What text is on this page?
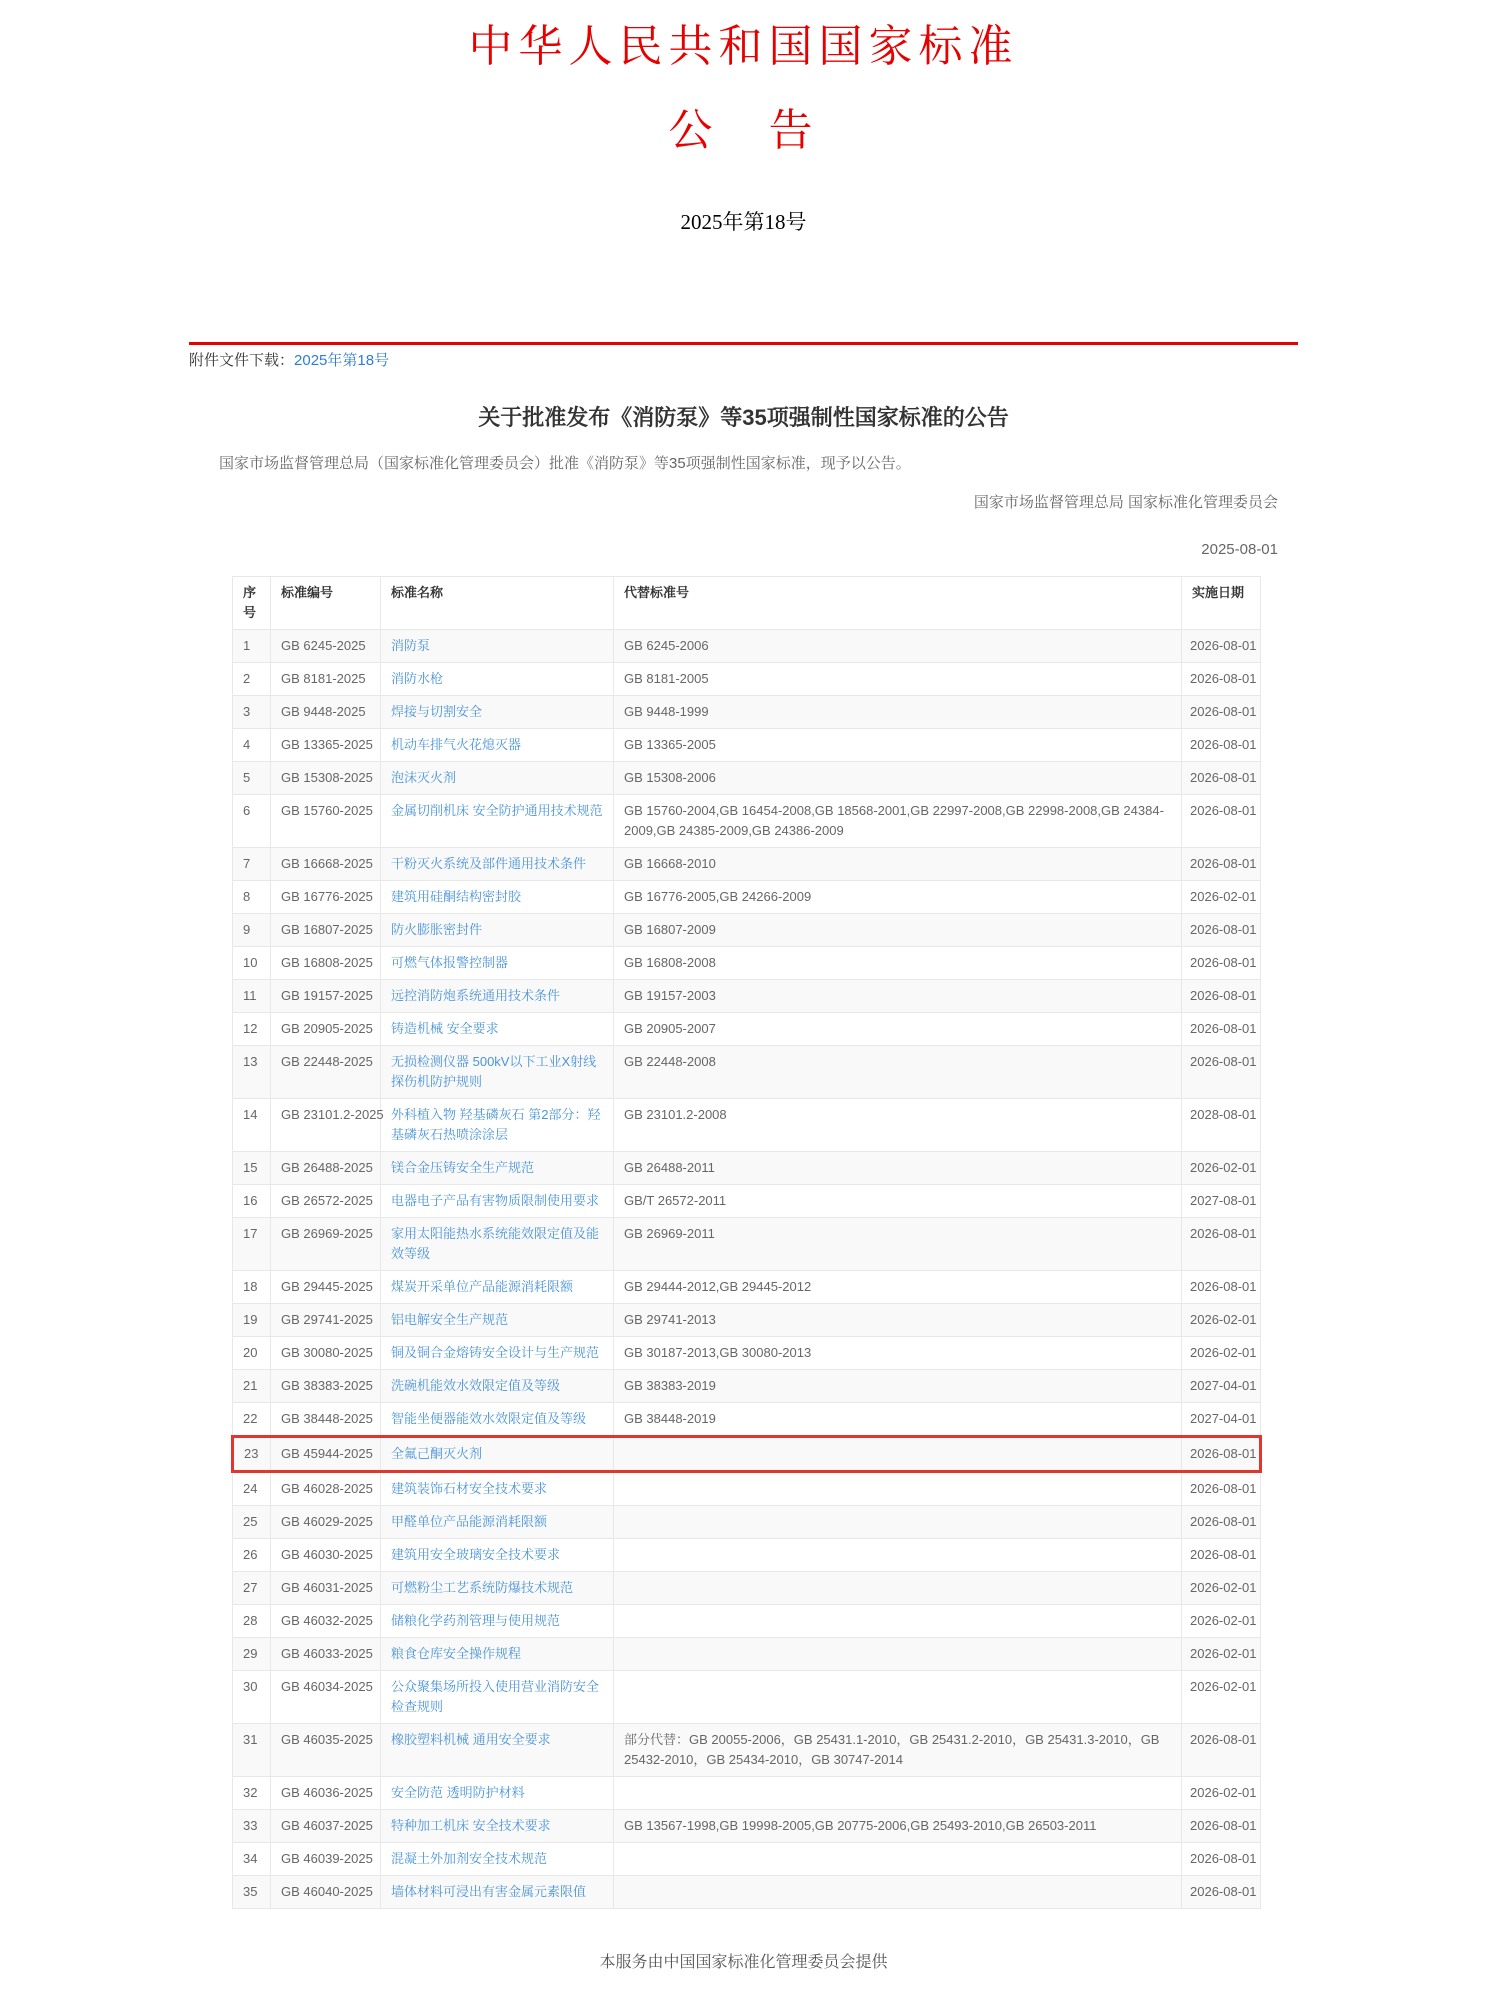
中华人民共和国国家标准
公　告
2025年第18号
附件文件下载：2025年第18号
关于批准发布《消防泵》等35项强制性国家标准的公告
国家市场监督管理总局（国家标准化管理委员会）批准《消防泵》等35项强制性国家标准，现予以公告。
国家市场监督管理总局 国家标准化管理委员会
2025-08-01
序号	标准编号	标准名称	代替标准号	实施日期
1	GB 6245-2025	消防泵	GB 6245-2006	2026-08-01
2	GB 8181-2025	消防水枪	GB 8181-2005	2026-08-01
3	GB 9448-2025	焊接与切割安全	GB 9448-1999	2026-08-01
4	GB 13365-2025	机动车排气火花熄灭器	GB 13365-2005	2026-08-01
5	GB 15308-2025	泡沫灭火剂	GB 15308-2006	2026-08-01
6	GB 15760-2025	金属切削机床 安全防护通用技术规范	GB 15760-2004,GB 16454-2008,GB 18568-2001,GB 22997-2008,GB 22998-2008,GB 24384-2009,GB 24385-2009,GB 24386-2009	2026-08-01
7	GB 16668-2025	干粉灭火系统及部件通用技术条件	GB 16668-2010	2026-08-01
8	GB 16776-2025	建筑用硅酮结构密封胶	GB 16776-2005,GB 24266-2009	2026-02-01
9	GB 16807-2025	防火膨胀密封件	GB 16807-2009	2026-08-01
10	GB 16808-2025	可燃气体报警控制器	GB 16808-2008	2026-08-01
11	GB 19157-2025	远控消防炮系统通用技术条件	GB 19157-2003	2026-08-01
12	GB 20905-2025	铸造机械 安全要求	GB 20905-2007	2026-08-01
13	GB 22448-2025	无损检测仪器 500kV以下工业X射线探伤机防护规则	GB 22448-2008	2026-08-01
14	GB 23101.2-2025	外科植入物 羟基磷灰石 第2部分：羟基磷灰石热喷涂涂层	GB 23101.2-2008	2028-08-01
15	GB 26488-2025	镁合金压铸安全生产规范	GB 26488-2011	2026-02-01
16	GB 26572-2025	电器电子产品有害物质限制使用要求	GB/T 26572-2011	2027-08-01
17	GB 26969-2025	家用太阳能热水系统能效限定值及能效等级	GB 26969-2011	2026-08-01
18	GB 29445-2025	煤炭开采单位产品能源消耗限额	GB 29444-2012,GB 29445-2012	2026-08-01
19	GB 29741-2025	铝电解安全生产规范	GB 29741-2013	2026-02-01
20	GB 30080-2025	铜及铜合金熔铸安全设计与生产规范	GB 30187-2013,GB 30080-2013	2026-02-01
21	GB 38383-2025	洗碗机能效水效限定值及等级	GB 38383-2019	2027-04-01
22	GB 38448-2025	智能坐便器能效水效限定值及等级	GB 38448-2019	2027-04-01
23	GB 45944-2025	全氟己酮灭火剂		2026-08-01
24	GB 46028-2025	建筑装饰石材安全技术要求		2026-08-01
25	GB 46029-2025	甲醛单位产品能源消耗限额		2026-08-01
26	GB 46030-2025	建筑用安全玻璃安全技术要求		2026-08-01
27	GB 46031-2025	可燃粉尘工艺系统防爆技术规范		2026-02-01
28	GB 46032-2025	储粮化学药剂管理与使用规范		2026-02-01
29	GB 46033-2025	粮食仓库安全操作规程		2026-02-01
30	GB 46034-2025	公众聚集场所投入使用营业消防安全检查规则		2026-02-01
31	GB 46035-2025	橡胶塑料机械 通用安全要求	部分代替：GB 20055-2006，GB 25431.1-2010，GB 25431.2-2010，GB 25431.3-2010，GB 25432-2010，GB 25434-2010，GB 30747-2014	2026-08-01
32	GB 46036-2025	安全防范 透明防护材料		2026-02-01
33	GB 46037-2025	特种加工机床 安全技术要求	GB 13567-1998,GB 19998-2005,GB 20775-2006,GB 25493-2010,GB 26503-2011	2026-08-01
34	GB 46039-2025	混凝土外加剂安全技术规范		2026-08-01
35	GB 46040-2025	墙体材料可浸出有害金属元素限值		2026-08-01
本服务由中国国家标准化管理委员会提供
